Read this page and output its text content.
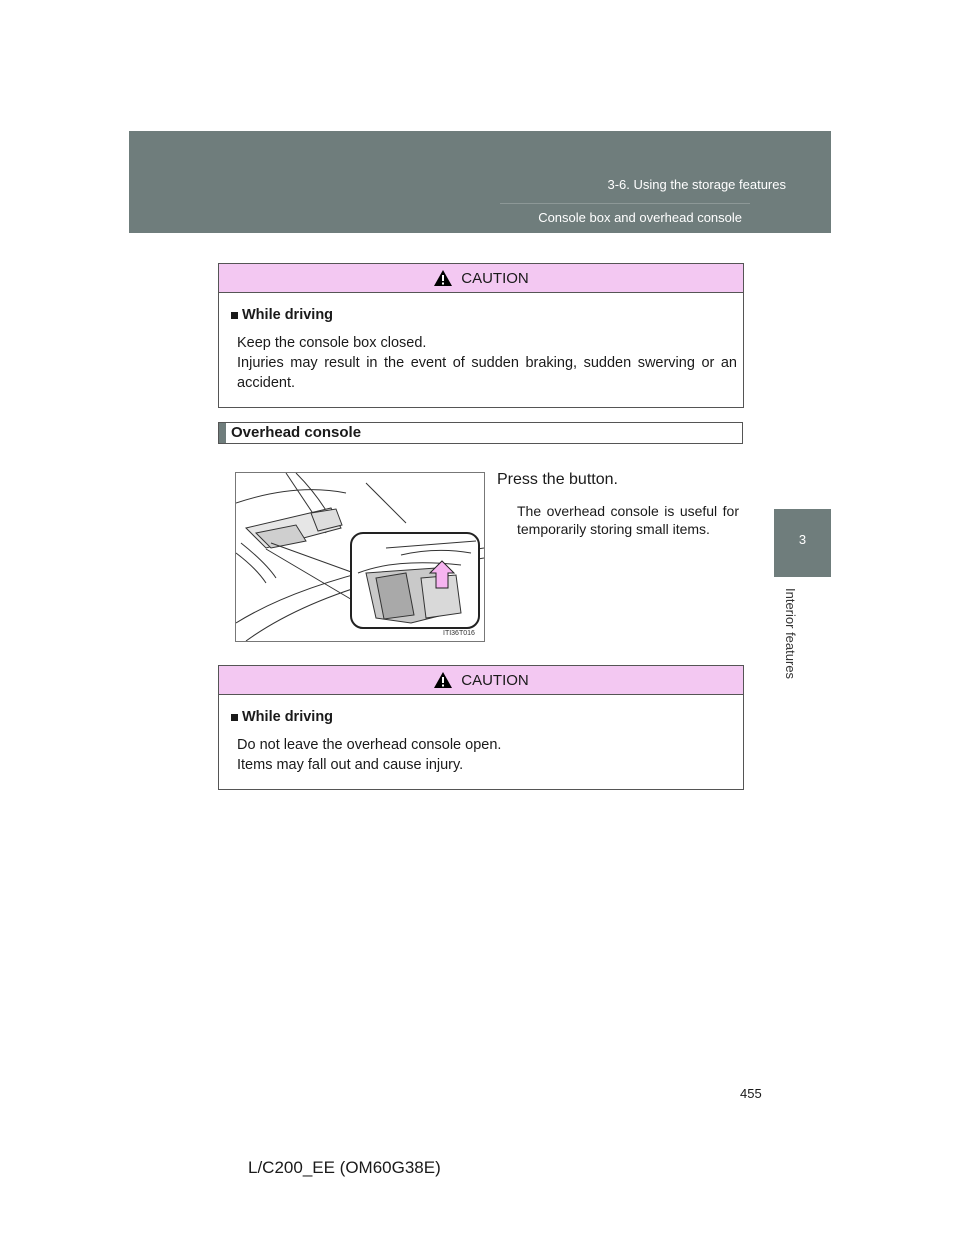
3-6. Using the storage features
Console box and overhead console
3
Interior features
CAUTION
While driving

Keep the console box closed.

Injuries may result in the event of sudden braking, sudden swerving or an accident.

Overhead console
ITI36T016
Press the button.
The overhead console is useful for temporarily storing small items.
CAUTION
While driving

Do not leave the overhead console open.

Items may fall out and cause injury.

455
L/C200_EE (OM60G38E)
